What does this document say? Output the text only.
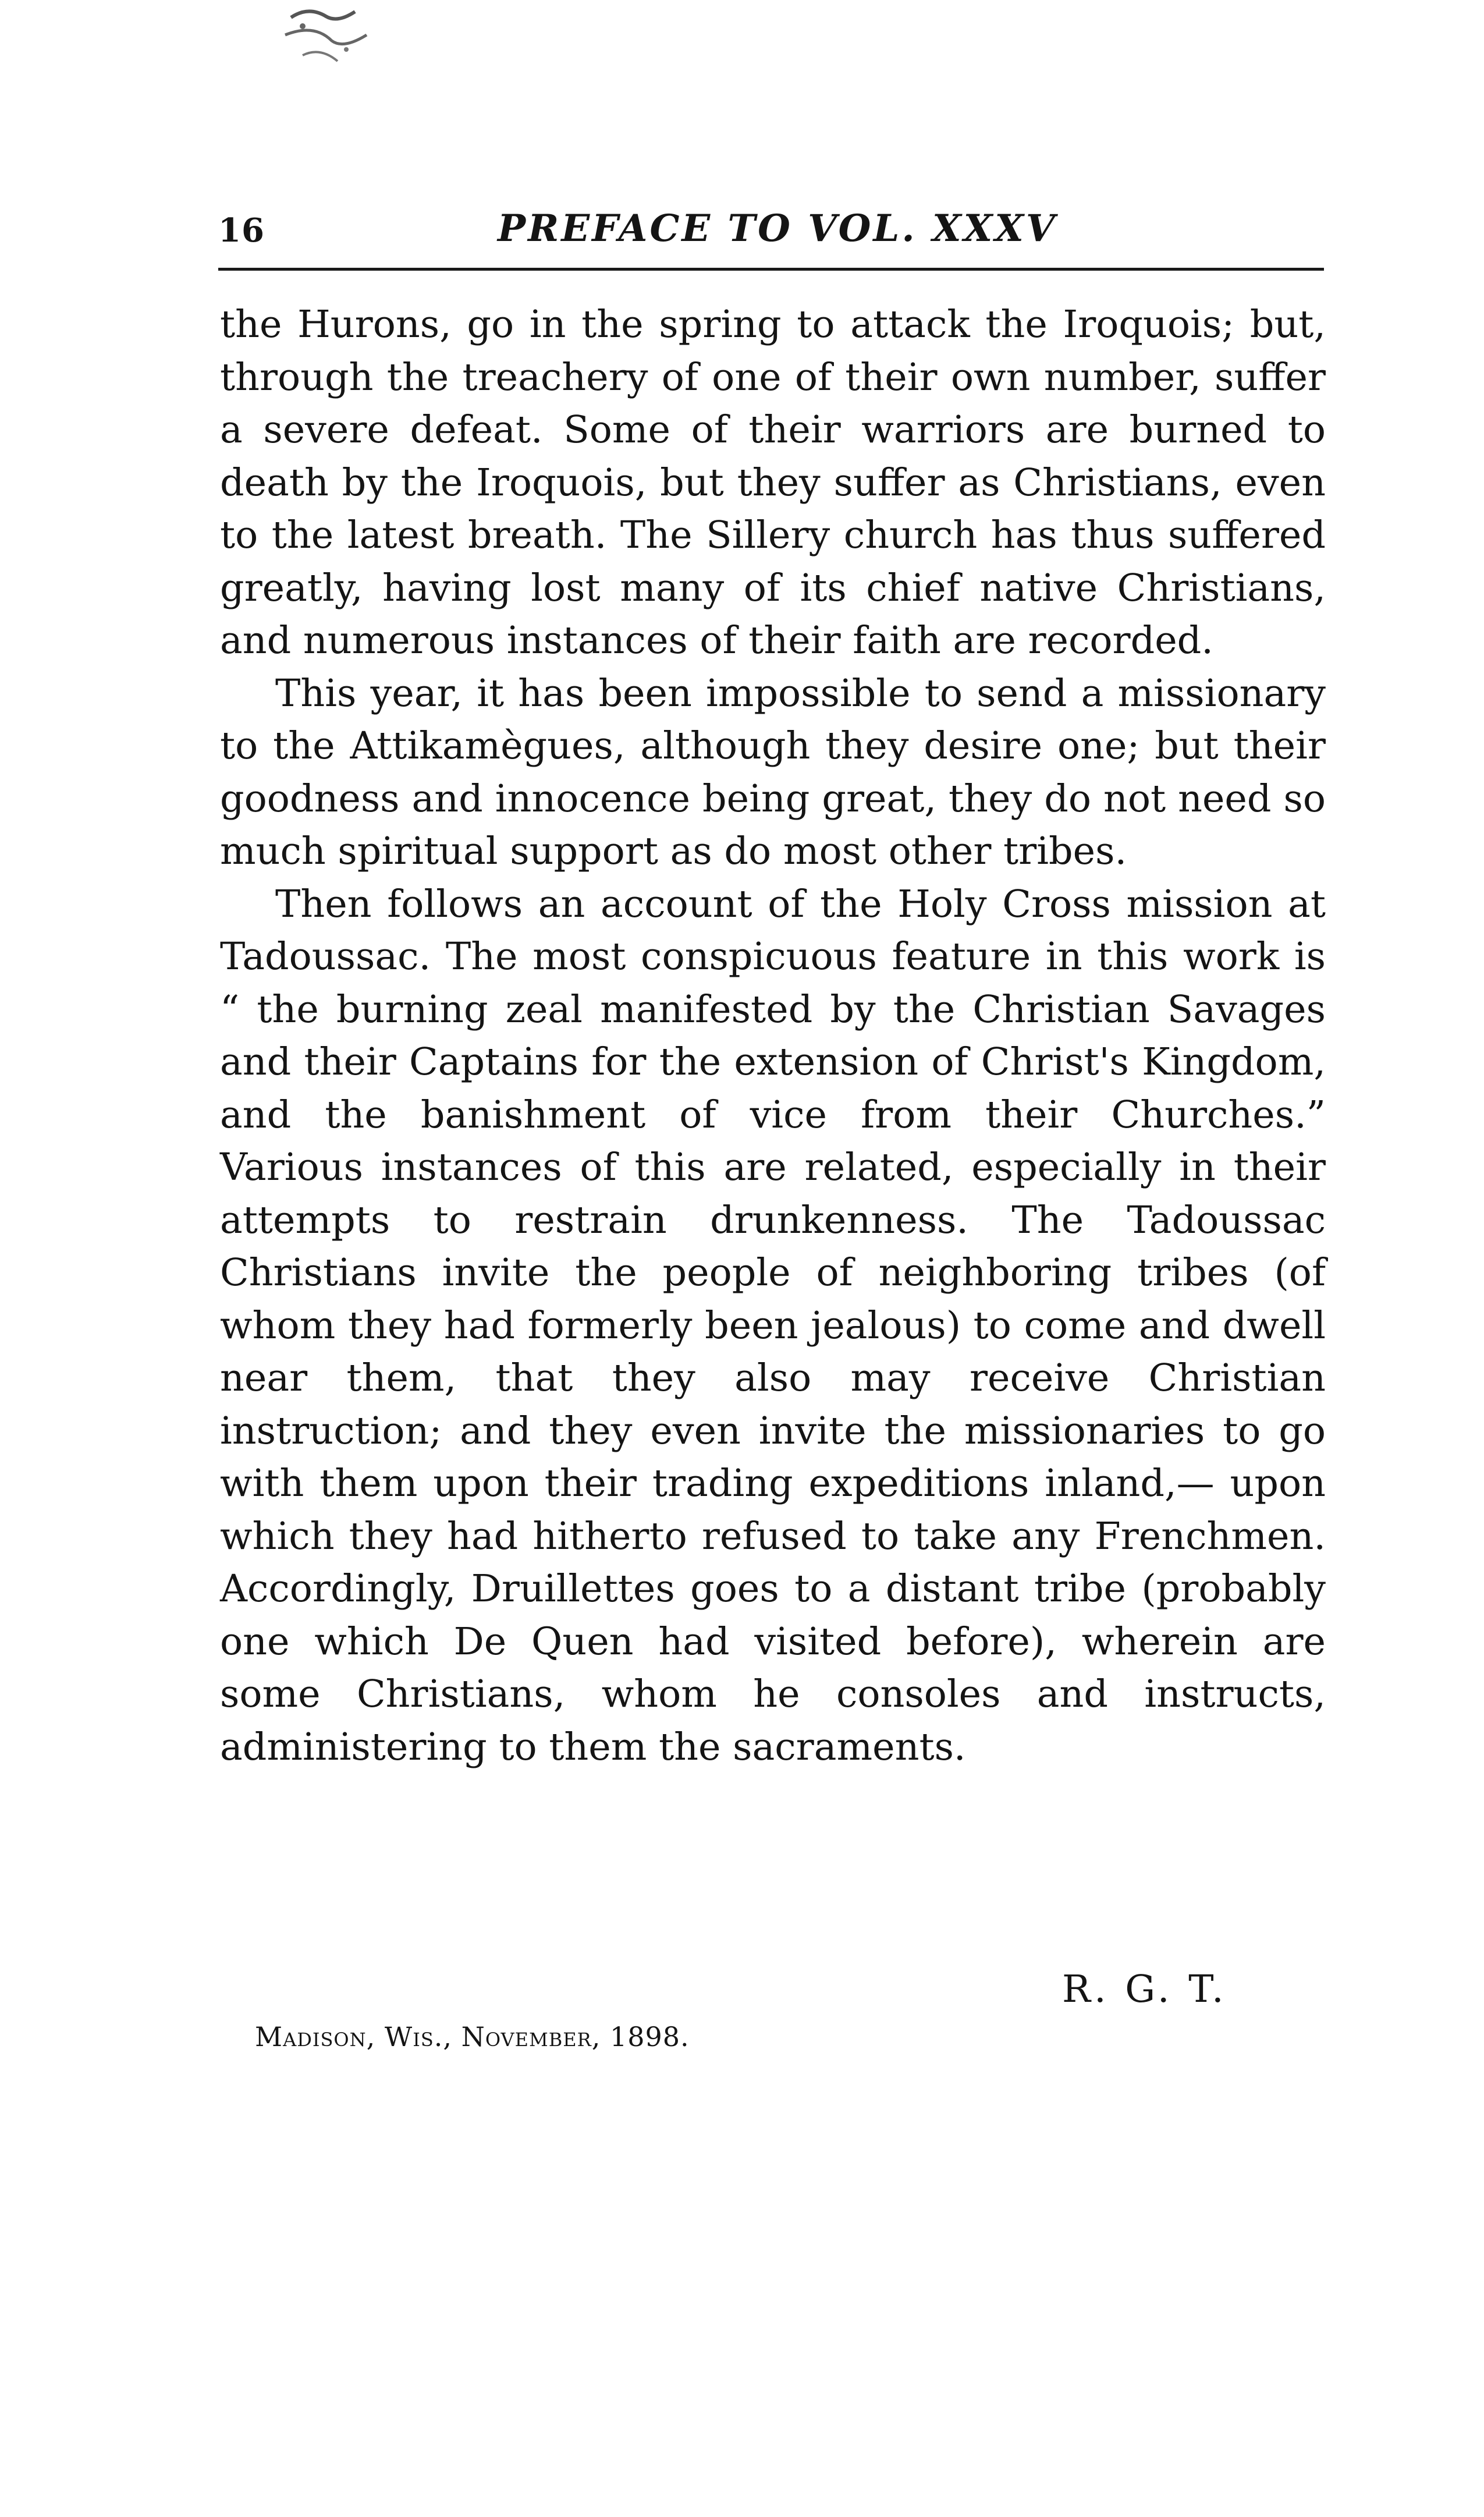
16	PREFACE TO VOL. XXXV

the Hurons, go in the spring to attack the Iroquois; but, through the treachery of one of their own number, suffer a severe defeat. Some of their warriors are burned to death by the Iroquois, but they suffer as Christians, even to the latest breath. The Sillery church has thus suffered greatly, having lost many of its chief native Christians, and numerous instances of their faith are recorded.

This year, it has been impossible to send a missionary to the Attikamègues, although they desire one; but their goodness and innocence being great, they do not need so much spiritual support as do most other tribes.

Then follows an account of the Holy Cross mission at Tadoussac. The most conspicuous feature in this work is “ the burning zeal manifested by the Christian Savages and their Captains for the extension of Christ's Kingdom, and the banishment of vice from their Churches.” Various instances of this are related, especially in their attempts to restrain drunkenness. The Tadoussac Christians invite the people of neighboring tribes (of whom they had formerly been jealous) to come and dwell near them, that they also may receive Christian instruction; and they even invite the missionaries to go with them upon their trading expeditions inland,— upon which they had hitherto refused to take any Frenchmen. Accordingly, Druillettes goes to a distant tribe (probably one which De Quen had visited before), wherein are some Christians, whom he consoles and instructs, administering to them the sacraments.

R. G. T.
Madison, Wis., November, 1898.
